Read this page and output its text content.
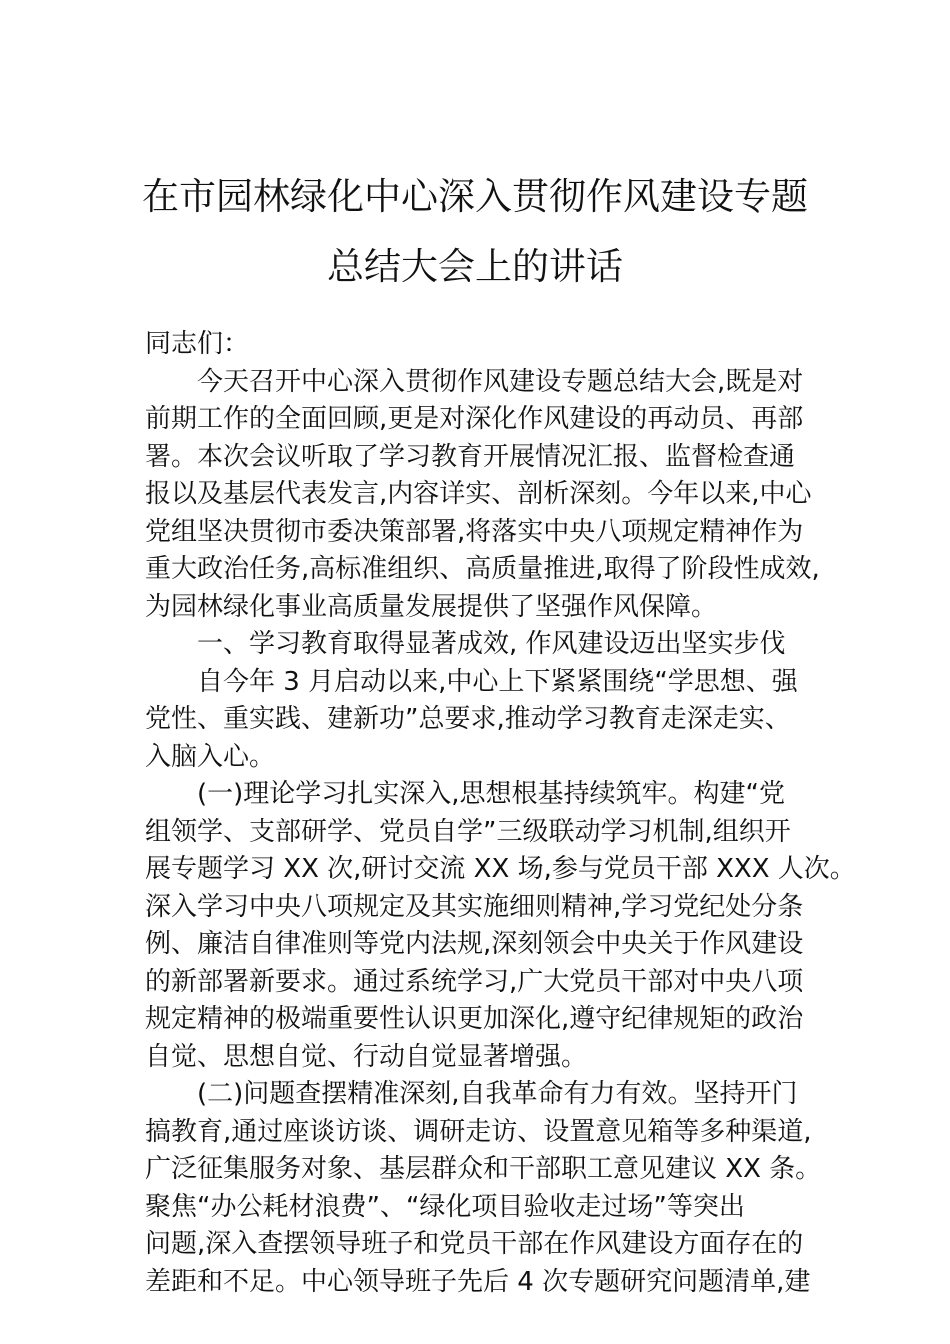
在市园林绿化中心深入贯彻作风建设专题
总结大会上的讲话
同志们：
　　今天召开中心深入贯彻作风建设专题总结大会,既是对
前期工作的全面回顾,更是对深化作风建设的再动员、再部
署。本次会议听取了学习教育开展情况汇报、监督检查通
报以及基层代表发言,内容详实、剖析深刻。今年以来,中心
党组坚决贯彻市委决策部署,将落实中央八项规定精神作为
重大政治任务,高标准组织、高质量推进,取得了阶段性成效,
为园林绿化事业高质量发展提供了坚强作风保障。
　　一、学习教育取得显著成效, 作风建设迈出坚实步伐
　　自今年 3 月启动以来,中心上下紧紧围绕“学思想、强
党性、重实践、建新功”总要求,推动学习教育走深走实、
入脑入心。
　　(一)理论学习扎实深入,思想根基持续筑牢。构建“党
组领学、支部研学、党员自学”三级联动学习机制,组织开
展专题学习 XX 次,研讨交流 XX 场,参与党员干部 XXX 人次。
深入学习中央八项规定及其实施细则精神,学习党纪处分条
例、廉洁自律准则等党内法规,深刻领会中央关于作风建设
的新部署新要求。通过系统学习,广大党员干部对中央八项
规定精神的极端重要性认识更加深化,遵守纪律规矩的政治
自觉、思想自觉、行动自觉显著增强。
　　(二)问题查摆精准深刻,自我革命有力有效。坚持开门
搞教育,通过座谈访谈、调研走访、设置意见箱等多种渠道,
广泛征集服务对象、基层群众和干部职工意见建议 XX 条。
聚焦“办公耗材浪费”、“绿化项目验收走过场”等突出
问题,深入查摆领导班子和党员干部在作风建设方面存在的
差距和不足。中心领导班子先后 4 次专题研究问题清单,建
